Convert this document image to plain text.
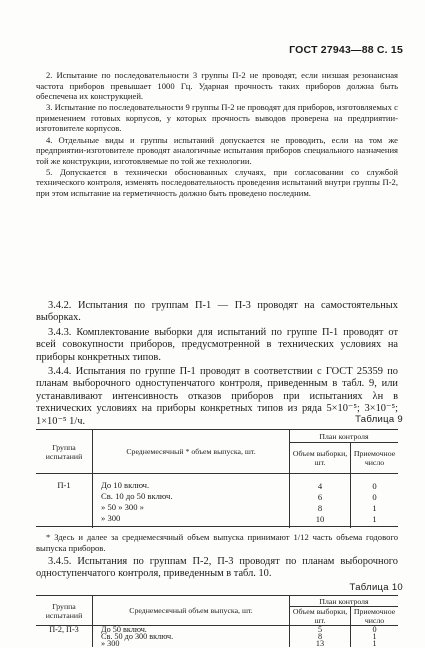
ГОСТ 27943—88 С. 15

2. Испытание по последовательности 3 группы П-2 не проводят, если низшая резонансная частота приборов превышает 1000 Гц. Ударная прочность таких приборов должна быть обеспечена их конструкцией.

3. Испытание по последовательности 9 группы П-2 не проводят для приборов, изготовляемых с применением готовых корпусов, у которых прочность выводов проверена на предприятии-изготовителе корпусов.

4. Отдельные виды и группы испытаний допускается не проводить, если на том же предприятии-изготовителе проводят аналогичные испытания приборов специального назначения той же конструкции, изготовляемые по той же технологии.

5. Допускается в технически обоснованных случаях, при согласовании со службой технического контроля, изменять последовательность проведения испытаний внутри группы П-2, при этом испытание на герметичность должно быть проведено последним.

3.4.2. Испытания по группам П-1 — П-3 проводят на самостоятельных выборках.

3.4.3. Комплектование выборки для испытаний по группе П-1 проводят от всей совокупности приборов, предусмотренной в технических условиях на приборы конкретных типов.

3.4.4. Испытания по группе П-1 проводят в соответствии с ГОСТ 25359 по планам выборочного одноступенчатого контроля, приведенным в табл. 9, или устанавливают интенсивность отказов приборов при испытаниях λн в технических условиях на приборы конкретных типов из ряда 5×10⁻⁵; 3×10⁻⁵; 1×10⁻⁵ 1/ч.	Таблица 9
Группа испытаний	Среднемесячный * объем выпуска, шт.	План контроля	
		Объем выборки, шт.	Приемочное число

П-1	До 10 включ.	4	0
	Св. 10 до 50 включ.	6	0
	» 50 » 300 »	8	1
	» 300	10	1

* Здесь и далее за среднемесячный объем выпуска принимают 1/12 часть объема годового выпуска приборов.

3.4.5. Испытания по группам П-2, П-3 проводят по планам выборочного одноступенчатого контроля, приведенным в табл. 10.

Таблица 10
Группа испытаний	Среднемесячный объем выпуска, шт.	План контроля	
		Объем выборки, шт.	Приемочное число
П-2, П-3	До 50 включ.	5	0
	Св. 50 до 300 включ.	8	1
	» 300	13	1
